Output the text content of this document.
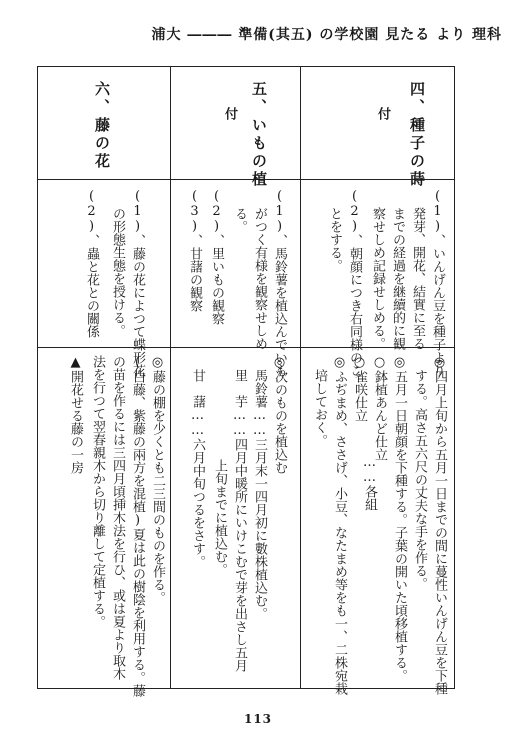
浦大 ――― 準備(其五) の学校園 見たる より 理科
四、種子の蒔
付
(1)、いんげん豆を種子より
発芽、開花、結實に至る
までの経過を継續的に観
察せしめ記録せしめる。
(2)、朝顔につき右同様のこ
とをする。
◎四月上旬から五月一日までの間に蔓性いんげん豆を下種
する。高さ五六尺の丈夫な手を作る。
◎五月一日朝顔を下種する。子葉の開いた頃移植する。
○鉢植あんど仕立
○雀咲仕立
……各組
◎ふぢまめ、ささげ、小豆、なたまめ等をも一、二株宛栽
培しておく。
五、いもの植
付
(1)、馬鈴薯を植込んでいも
がつく有様を観察せしめ
る。
(2)、里いもの観察
(3)、甘藷の観察
◎次のものを植込む
馬鈴薯……三月末一四月初に數株植込む。
里　芋……四月中暖所にいけこむで芽を出さし五月
上旬までに植込む。
甘　藷……六月中旬つるをさす。
六、藤の花
(1)、藤の花によつて蝶形花
の形態生態を授ける。
(2)、蟲と花との關係
◎藤の棚を少くとも二三間のものを作る。
(白藤、紫藤の兩方を混植)夏は此の樹陰を利用する。藤
の苗を作るには三四月頃挿木法を行ひ、或は夏より取木
法を行つて翌春親木から切り離して定植する。
▲開花せる藤の一房
113
